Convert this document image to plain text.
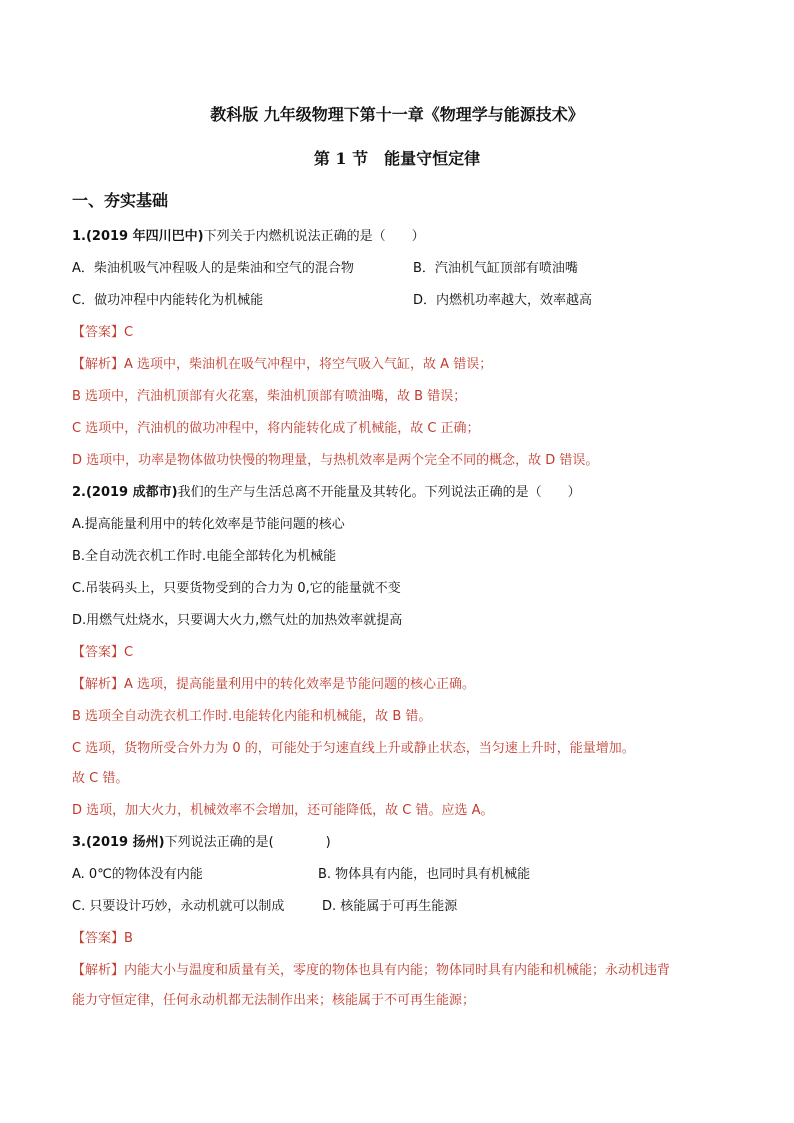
教科版 九年级物理下第十一章《物理学与能源技术》
第 1 节　能量守恒定律
一、夯实基础
1.(2019 年四川巴中)下列关于内燃机说法正确的是（　　）
A．柴油机吸气冲程吸人的是柴油和空气的混合物	B．汽油机气缸顶部有喷油嘴
C．做功冲程中内能转化为机械能	D．内燃机功率越大，效率越高
【答案】C
【解析】A 选项中，柴油机在吸气冲程中，将空气吸入气缸，故 A 错误；
B 选项中，汽油机顶部有火花塞，柴油机顶部有喷油嘴，故 B 错误；
C 选项中，汽油机的做功冲程中，将内能转化成了机械能，故 C 正确；
D 选项中，功率是物体做功快慢的物理量，与热机效率是两个完全不同的概念，故 D 错误。
2.(2019 成都市)我们的生产与生活总离不开能量及其转化。下列说法正确的是（　　）
A.提高能量利用中的转化效率是节能问题的核心
B.全自动洗衣机工作时.电能全部转化为机械能
C.吊装码头上，只要货物受到的合力为 0,它的能量就不变
D.用燃气灶烧水，只要调大火力,燃气灶的加热效率就提高
【答案】C
【解析】A 选项，提高能量利用中的转化效率是节能问题的核心正确。
B 选项全自动洗衣机工作时.电能转化内能和机械能，故 B 错。
C 选项，货物所受合外力为 0 的，可能处于匀速直线上升或静止状态，当匀速上升时，能量增加。
故 C 错。
D 选项，加大火力，机械效率不会增加，还可能降低，故 C 错。应选 A。
3.(2019 扬州)下列说法正确的是(　　　　)
A. 0℃的物体没有内能	B. 物体具有内能，也同时具有机械能
C. 只要设计巧妙，永动机就可以制成	D. 核能属于可再生能源
【答案】B
【解析】内能大小与温度和质量有关，零度的物体也具有内能；物体同时具有内能和机械能；永动机违背
能力守恒定律，任何永动机都无法制作出来；核能属于不可再生能源；
